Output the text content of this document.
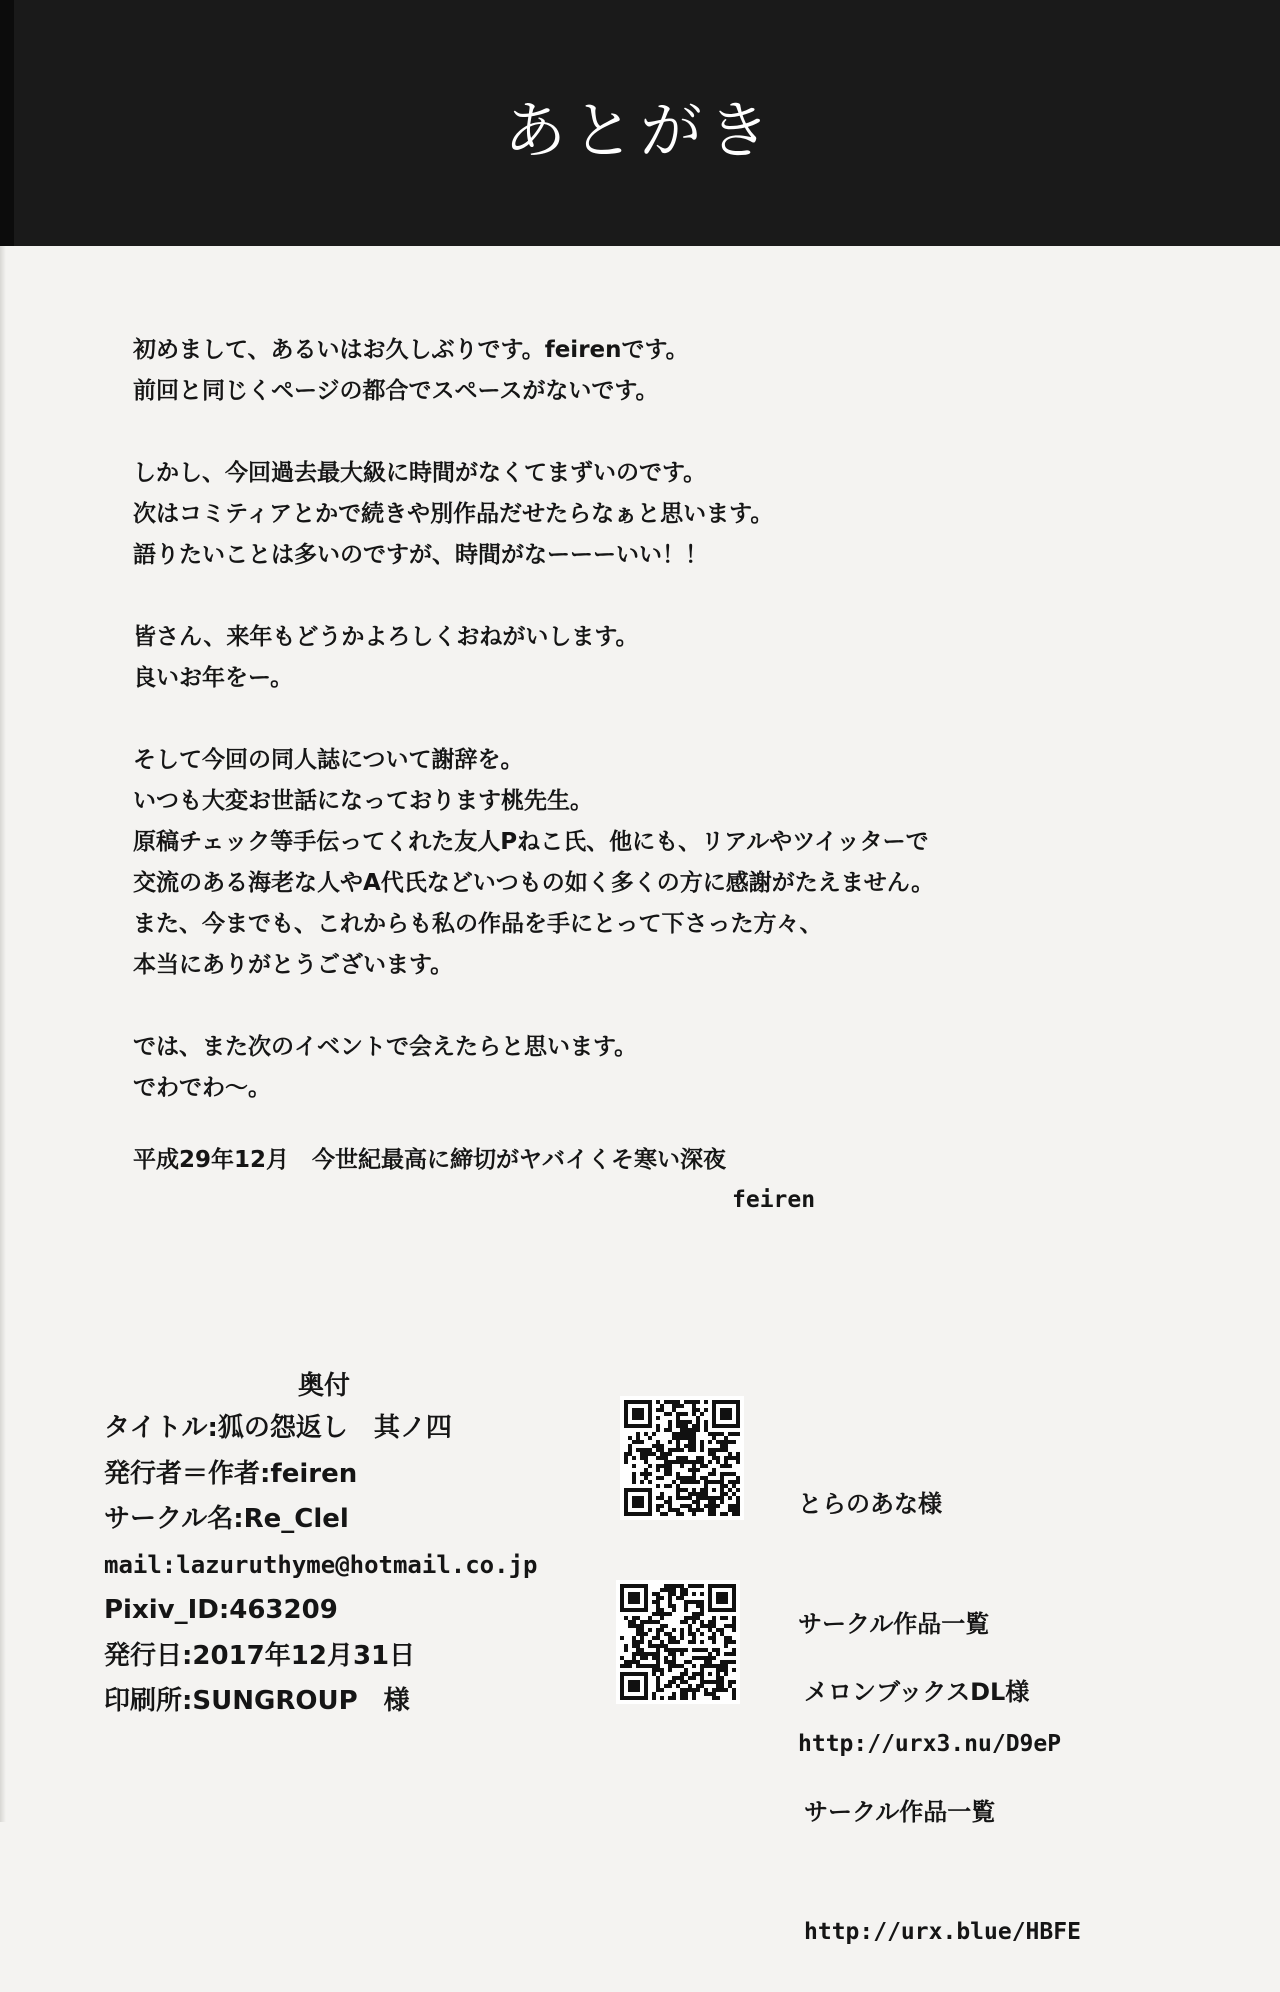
あとがき
初めまして、あるいはお久しぶりです。feirenです。
前回と同じくページの都合でスペースがないです。
しかし、今回過去最大級に時間がなくてまずいのです。
次はコミティアとかで続きや別作品だせたらなぁと思います。
語りたいことは多いのですが、時間がなーーーいい！！
皆さん、来年もどうかよろしくおねがいします。
良いお年をー。
そして今回の同人誌について謝辞を。
いつも大変お世話になっております桃先生。
原稿チェック等手伝ってくれた友人Pねこ氏、他にも、リアルやツイッターで
交流のある海老な人やA代氏などいつもの如く多くの方に感謝がたえません。
また、今までも、これからも私の作品を手にとって下さった方々、
本当にありがとうございます。
では、また次のイベントで会えたらと思います。
でわでわ～。
平成29年12月　今世紀最高に締切がヤバイくそ寒い深夜
feiren
奥付
タイトル:狐の怨返し　其ノ四
発行者＝作者:feiren
サークル名:Re_Clel
mail:lazuruthyme@hotmail.co.jp
Pixiv_ID:463209
発行日:2017年12月31日
印刷所:SUNGROUP　様

とらのあな様

サークル作品一覧

http://urx3.nu/D9eP

メロンブックスDL様

サークル作品一覧

http://urx.blue/HBFE
